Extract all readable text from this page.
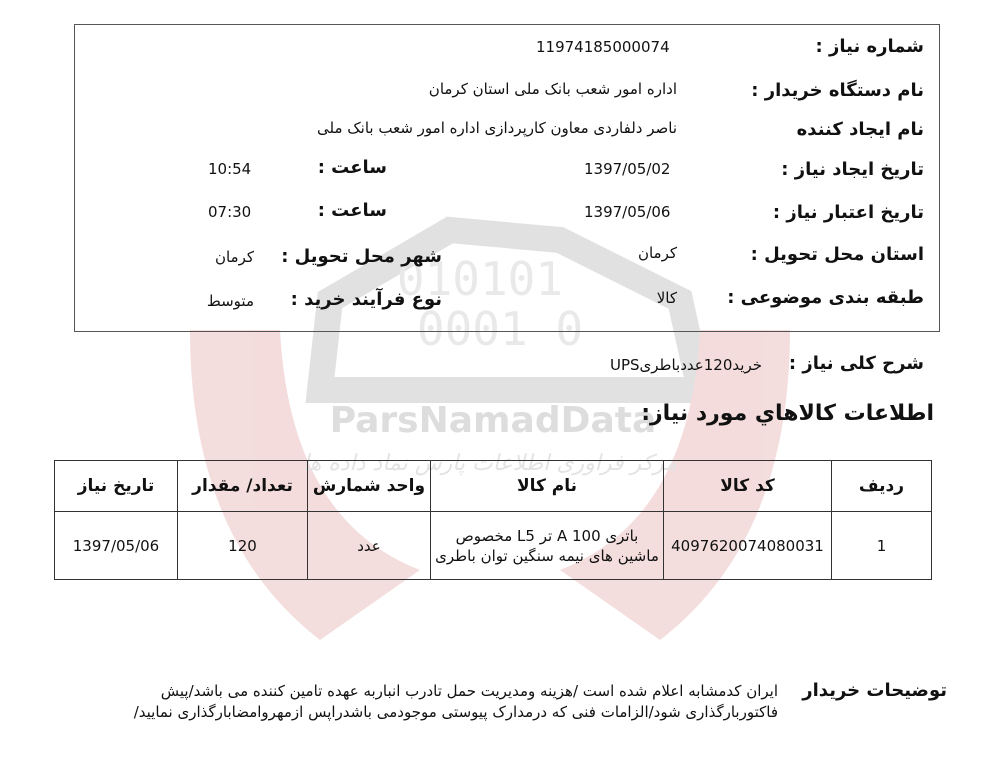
010101
0001 0
ParsNamadData
مرکز فراوری اطلاعات پارس نماد داده ها
شماره نیاز :
11974185000074
نام دستگاه خریدار :
اداره امور شعب بانک ملی استان کرمان
نام ایجاد کننده
ناصر دلفاردی معاون کارپردازی اداره امور شعب بانک ملی
تاریخ ایجاد نیاز :
1397/05/02
ساعت :
10:54
تاریخ اعتبار نیاز :
1397/05/06
ساعت :
07:30
استان محل تحویل :
کرمان
شهر محل تحویل :
کرمان
طبقه بندی موضوعی :
کالا
نوع فرآیند خرید :
متوسط
شرح کلی نیاز :
خرید120عددباطریUPS
اطلاعات كالاهاي مورد نياز:
ردیف	کد کالا	نام کالا	واحد شمارش	تعداد/ مقدار	تاریخ نیاز
1	4097620074080031	باتری 100 A تر L5 مخصوص ماشین های نیمه سنگین توان باطری	عدد	120	1397/05/06
توضیحات خریدار
ایران کدمشابه اعلام شده است /هزینه ومدیریت حمل تادرب انباربه عهده تامین کننده می باشد/پیش فاکتوربارگذاری شود/الزامات فنی که درمدارک پیوستی موجودمی باشدراپس ازمهروامضابارگذاری نمایید/
